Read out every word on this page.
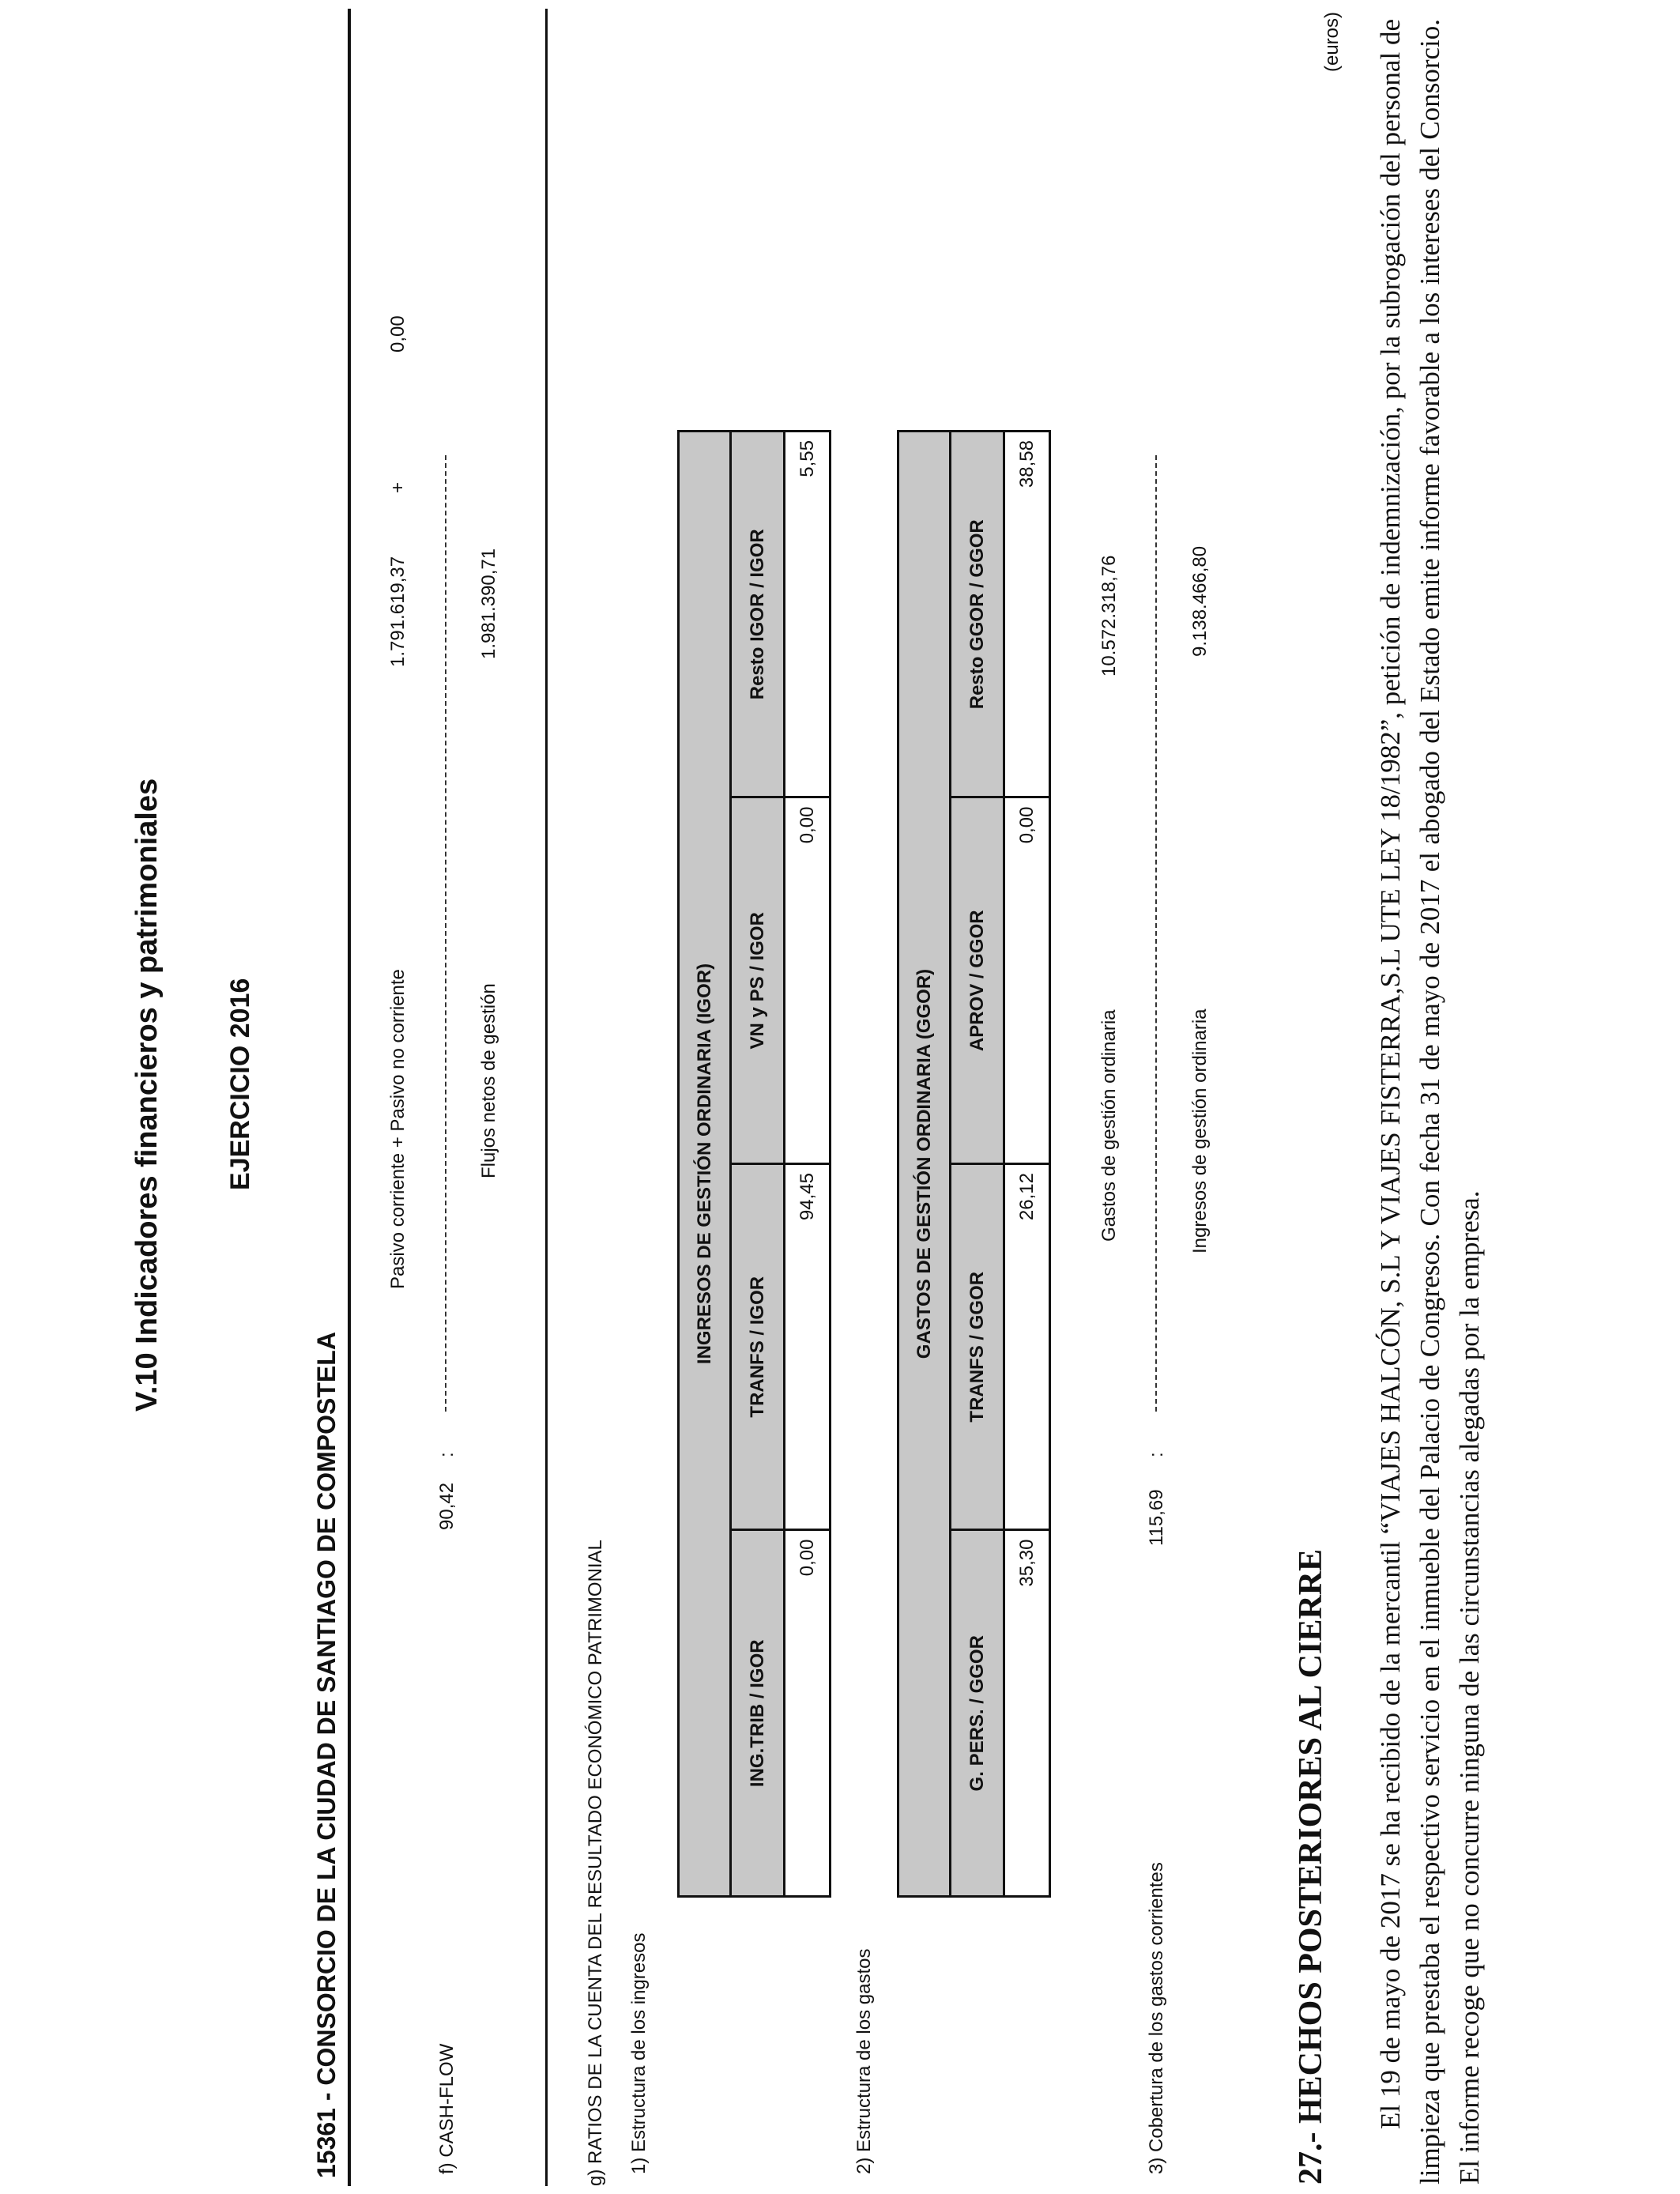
V.10 Indicadores financieros y patrimoniales EJERCICIO 2016
15361 - CONSORCIO DE LA CIUDAD DE SANTIAGO DE COMPOSTELA
(euros)
f) CASH-FLOW
90,42
:
Pasivo corriente + Pasivo no corriente
1.791.619,37
+
0,00
Flujos netos de gestión
1.981.390,71
g) RATIOS DE LA CUENTA DEL RESULTADO ECONÓMICO PATRIMONIAL 1) Estructura de los ingresos
INGRESOS DE GESTIÓN ORDINARIA (IGOR)			
ING.TRIB / IGOR	TRANFS / IGOR	VN y PS / IGOR	Resto IGOR / IGOR
0,00	94,45	0,00	5,55
2) Estructura de los gastos
GASTOS DE GESTIÓN ORDINARIA (GGOR)			
G. PERS. / GGOR	TRANFS / GGOR	APROV / GGOR	Resto GGOR / GGOR
35,30	26,12	0,00	38,58
3) Cobertura de los gastos corrientes
115,69
:
Gastos de gestión ordinaria
10.572.318,76
Ingresos de gestión ordinaria
9.138.466,80
27.- HECHOS POSTERIORES AL CIERRE El 19 de mayo de 2017 se ha recibido de la mercantil “VIAJES HALCÓN, S.L Y VIAJES FISTERRA,S.L UTE LEY 18/1982”, petición de indemnización, por la subrogación del personal de limpieza que prestaba el respectivo servicio en el inmueble del Palacio de Congresos. Con fecha 31 de mayo de 2017 el abogado del Estado emite informe favorable a los intereses del Consorcio. El informe recoge que no concurre ninguna de las circunstancias alegadas por la empresa.
